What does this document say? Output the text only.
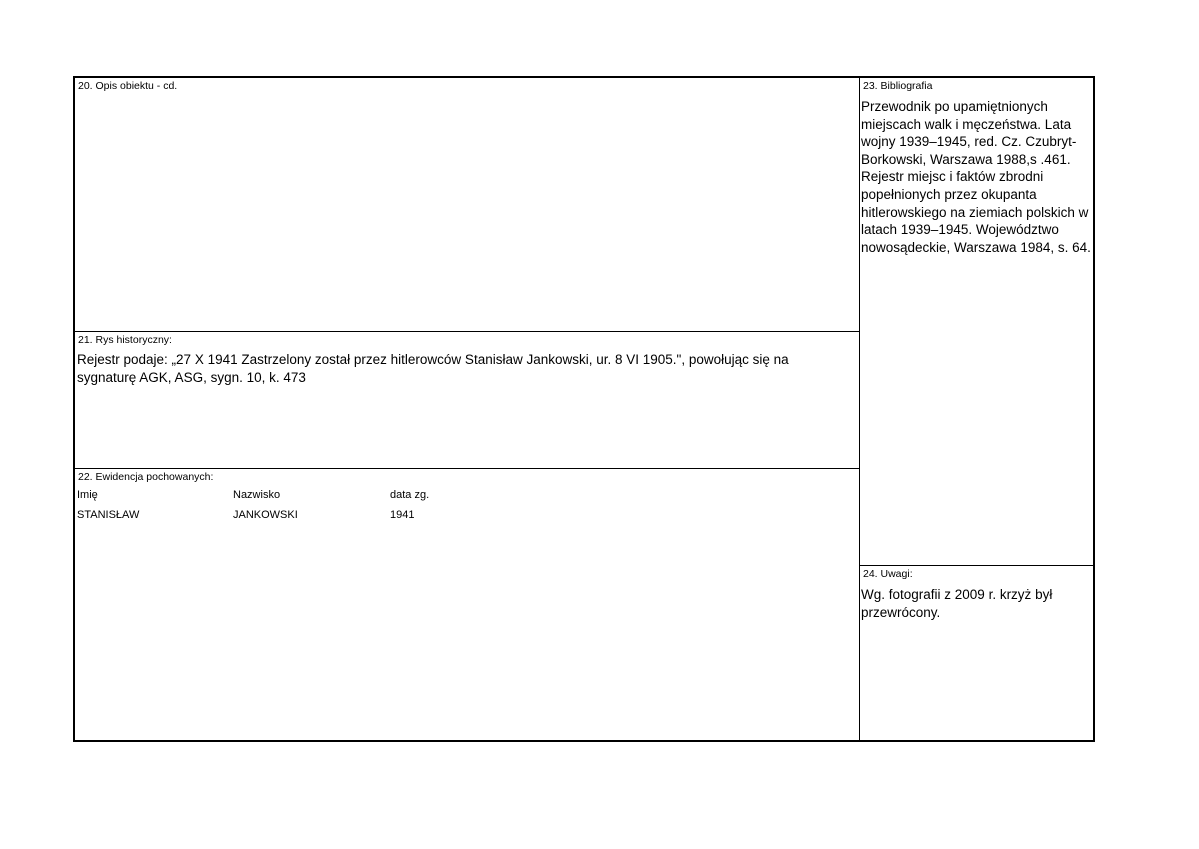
20. Opis obiektu - cd.
21. Rys historyczny:
Rejestr podaje: „27 X 1941 Zastrzelony został przez hitlerowców Stanisław Jankowski, ur. 8 VI 1905.", powołując się na sygnaturę AGK, ASG, sygn. 10, k. 473
22. Ewidencja pochowanych:
Imię	Nazwisko	data zg.
STANISŁAW	JANKOWSKI	1941
23. Bibliografia
Przewodnik po upamiętnionych miejscach walk i męczeństwa. Lata wojny 1939–1945, red. Cz. Czubryt-Borkowski, Warszawa 1988,s .461. Rejestr miejsc i faktów zbrodni popełnionych przez okupanta hitlerowskiego na ziemiach polskich w latach 1939–1945. Województwo nowosądeckie, Warszawa 1984, s. 64.
24. Uwagi:
Wg. fotografii z 2009 r. krzyż był przewrócony.
